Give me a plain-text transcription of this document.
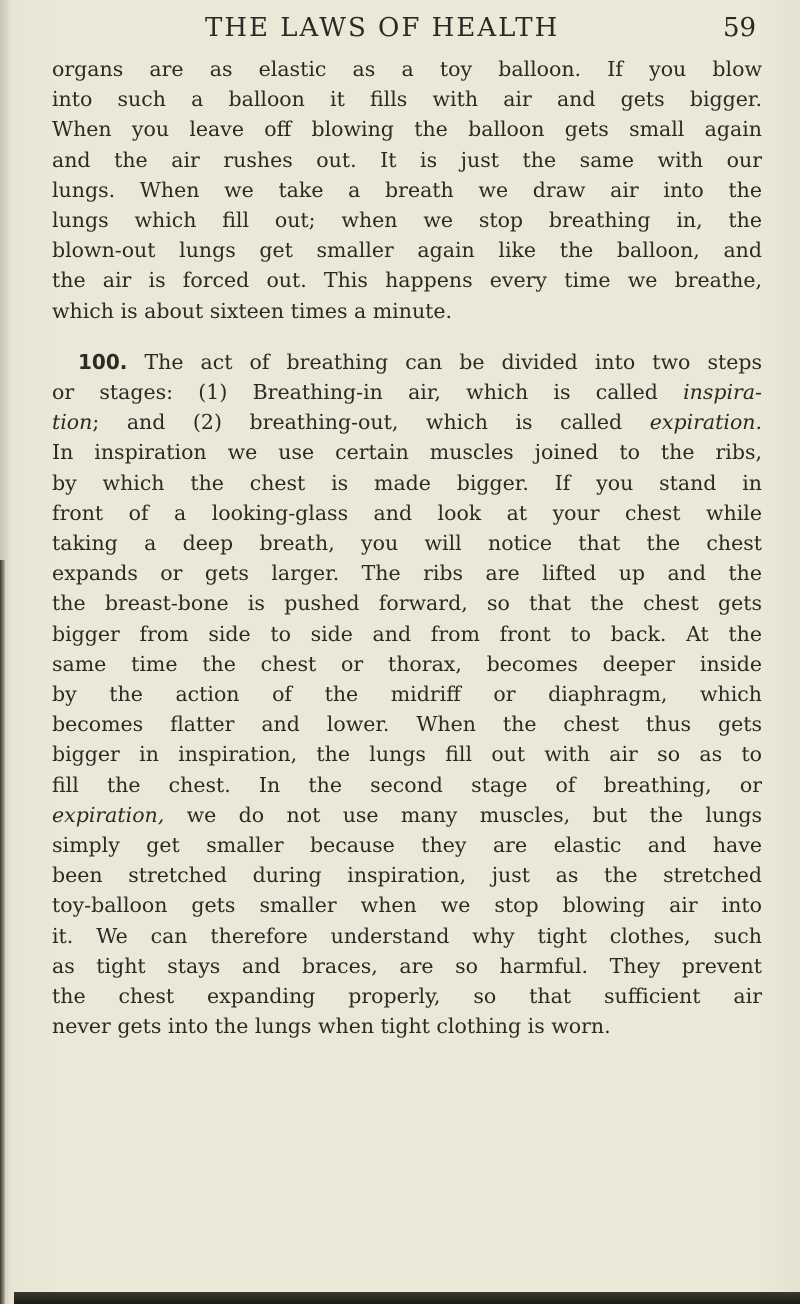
THE LAWS OF HEALTH	59
organs are as elastic as a toy balloon. If you blow
into such a balloon it fills with air and gets bigger.
When you leave off blowing the balloon gets small again
and the air rushes out. It is just the same with our
lungs. When we take a breath we draw air into the
lungs which fill out; when we stop breathing in, the
blown-out lungs get smaller again like the balloon, and
the air is forced out. This happens every time we breathe,
which is about sixteen times a minute.
100. The act of breathing can be divided into two steps
or stages: (1) Breathing-in air, which is called inspira-
tion; and (2) breathing-out, which is called expiration.
In inspiration we use certain muscles joined to the ribs,
by which the chest is made bigger. If you stand in
front of a looking-glass and look at your chest while
taking a deep breath, you will notice that the chest
expands or gets larger. The ribs are lifted up and the
the breast-bone is pushed forward, so that the chest gets
bigger from side to side and from front to back. At the
same time the chest or thorax, becomes deeper inside
by the action of the midriff or diaphragm, which
becomes flatter and lower. When the chest thus gets
bigger in inspiration, the lungs fill out with air so as to
fill the chest. In the second stage of breathing, or
expiration, we do not use many muscles, but the lungs
simply get smaller because they are elastic and have
been stretched during inspiration, just as the stretched
toy-balloon gets smaller when we stop blowing air into
it. We can therefore understand why tight clothes, such
as tight stays and braces, are so harmful. They prevent
the chest expanding properly, so that sufficient air
never gets into the lungs when tight clothing is worn.
